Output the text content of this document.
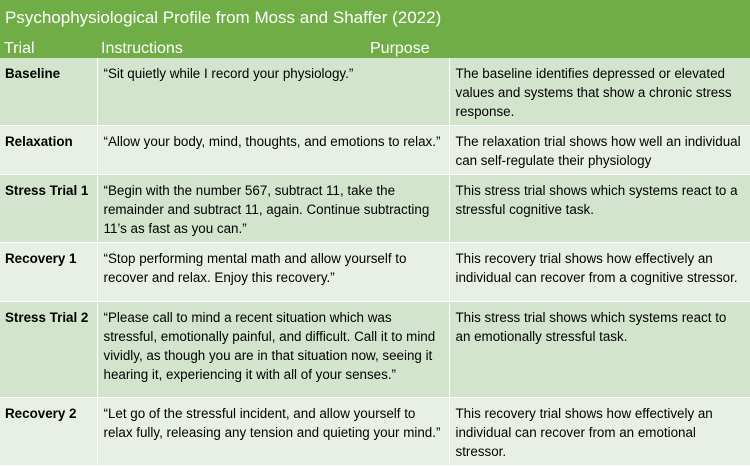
Psychophysiological Profile from Moss and Shaffer (2022)
Trial	Instructions	Purpose
Baseline	“Sit quietly while I record your physiology.”	The baseline identifies depressed or elevated values and systems that show a chronic stress response.
Relaxation	“Allow your body, mind, thoughts, and emotions to relax.”	The relaxation trial shows how well an individual can self-regulate their physiology
Stress Trial 1	“Begin with the number 567, subtract 11, take the remainder and subtract 11, again. Continue subtracting 11’s as fast as you can.”	This stress trial shows which systems react to a stressful cognitive task.
Recovery 1	“Stop performing mental math and allow yourself to recover and relax. Enjoy this recovery.”	This recovery trial shows how effectively an individual can recover from a cognitive stressor.
Stress Trial 2	“Please call to mind a recent situation which was stressful, emotionally painful, and difficult. Call it to mind vividly, as though you are in that situation now, seeing it hearing it, experiencing it with all of your senses.”	This stress trial shows which systems react to an emotionally stressful task.
Recovery 2	“Let go of the stressful incident, and allow yourself to relax fully, releasing any tension and quieting your mind.”	This recovery trial shows how effectively an individual can recover from an emotional stressor.
